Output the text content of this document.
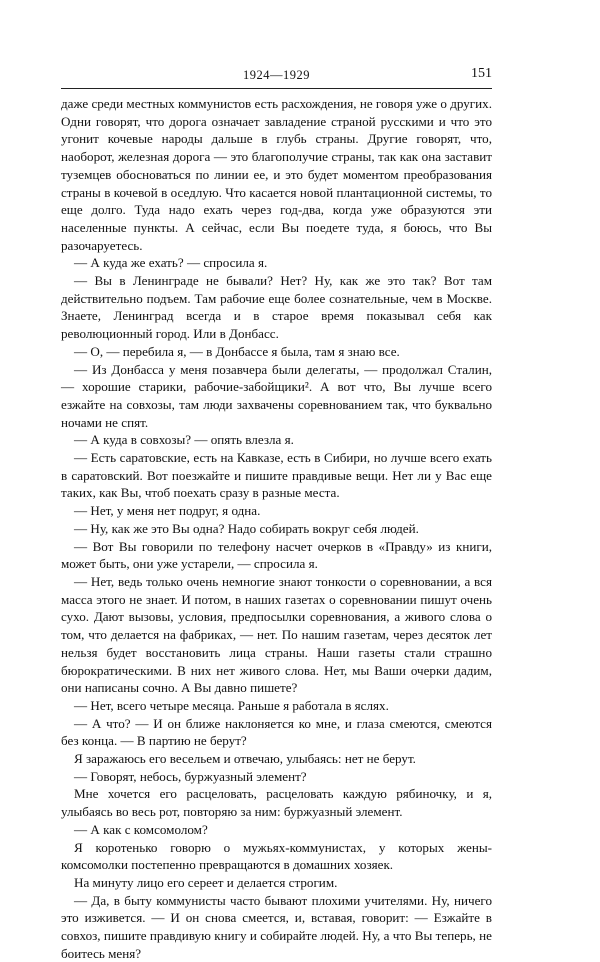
1924—1929	151

даже среди местных коммунистов есть расхождения, не говоря уже о других. Одни говорят, что дорога означает завладение страной русскими и что это угонит кочевые народы дальше в глубь страны. Другие говорят, что, наоборот, железная дорога — это благополучие страны, так как она заставит туземцев обосноваться по линии ее, и это будет моментом преобразования страны в кочевой в оседлую. Что касается новой плантационной системы, то еще долго. Туда надо ехать через год-два, когда уже образуются эти населенные пункты. А сейчас, если Вы поедете туда, я боюсь, что Вы разочаруетесь.

— А куда же ехать? — спросила я.

— Вы в Ленинграде не бывали? Нет? Ну, как же это так? Вот там действительно подъем. Там рабочие еще более сознательные, чем в Москве. Знаете, Ленинград всегда и в старое время показывал себя как революционный город. Или в Донбасс.

— О, — перебила я, — в Донбассе я была, там я знаю все.

— Из Донбасса у меня позавчера были делегаты, — продолжал Сталин, — хорошие старики, рабочие-забойщики². А вот что, Вы лучше всего езжайте на совхозы, там люди захвачены соревнованием так, что буквально ночами не спят.

— А куда в совхозы? — опять влезла я.

— Есть саратовские, есть на Кавказе, есть в Сибири, но лучше всего ехать в саратовский. Вот поезжайте и пишите правдивые вещи. Нет ли у Вас еще таких, как Вы, чтоб поехать сразу в разные места.

— Нет, у меня нет подруг, я одна.

— Ну, как же это Вы одна? Надо собирать вокруг себя людей.

— Вот Вы говорили по телефону насчет очерков в «Правду» из книги, может быть, они уже устарели, — спросила я.

— Нет, ведь только очень немногие знают тонкости о соревновании, а вся масса этого не знает. И потом, в наших газетах о соревновании пишут очень сухо. Дают вызовы, условия, предпосылки соревнования, а живого слова о том, что делается на фабриках, — нет. По нашим газетам, через десяток лет нельзя будет восстановить лица страны. Наши газеты стали страшно бюрократическими. В них нет живого слова. Нет, мы Ваши очерки дадим, они написаны сочно. А Вы давно пишете?

— Нет, всего четыре месяца. Раньше я работала в яслях.

— А что? — И он ближе наклоняется ко мне, и глаза смеются, смеются без конца. — В партию не берут?

Я заражаюсь его весельем и отвечаю, улыбаясь: нет не берут.

— Говорят, небось, буржуазный элемент?

Мне хочется его расцеловать, расцеловать каждую рябиночку, и я, улыбаясь во весь рот, повторяю за ним: буржуазный элемент.

— А как с комсомолом?

Я коротенько говорю о мужьях-коммунистах, у которых жены-комсомолки постепенно превращаются в домашних хозяек.

На минуту лицо его сереет и делается строгим.

— Да, в быту коммунисты часто бывают плохими учителями. Ну, ничего это изживется. — И он снова смеется, и, вставая, говорит: — Езжайте в совхоз, пишите правдивую книгу и собирайте людей. Ну, а что Вы теперь, не боитесь меня?
